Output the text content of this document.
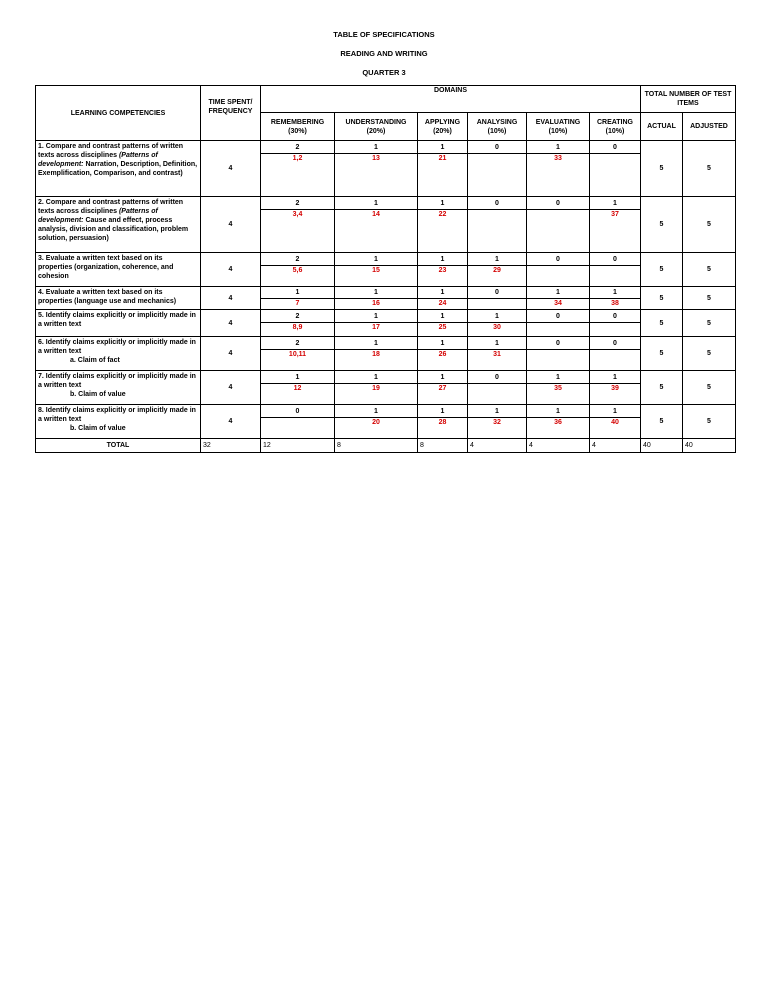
TABLE OF SPECIFICATIONS
READING AND WRITING
QUARTER 3
LEARNING COMPETENCIES	TIME SPENT/ FREQUENCY	DOMAINS						TOTAL NUMBER OF TEST ITEMS	
		REMEMBERING (30%)	UNDERSTANDING (20%)	APPLYING (20%)	ANALYSING (10%)	EVALUATING (10%)	CREATING (10%)	ACTUAL	ADJUSTED
1. Compare and contrast patterns of written texts across disciplines (Patterns of development: Narration, Description, Definition, Exemplification, Comparison, and contrast)	4	2	1	1	0	1	0	5	5
		1,2	13	21		33			
2. Compare and contrast patterns of written texts across disciplines (Patterns of development: Cause and effect, process analysis, division and classification, problem solution, persuasion)	4	2	1	1	0	0	1	5	5
		3,4	14	22			37		

3. Evaluate a written text based on its properties (organization, coherence, and cohesion	4	2	1	1	1	0	0	5	5
		5,6	15	23	29				

4. Evaluate a written text based on its properties (language use and mechanics)	4	1	1	1	0	1	1	5	5
		7	16	24		34	38		

5. Identify claims explicitly or implicitly made in a written text	4	2	1	1	1	0	0	5	5
		8,9	17	25	30				

6. Identify claims explicitly or implicitly made in a written text
a. Claim of fact	4	2	1	1	1	0	0	5	5
		10,11	18	26	31				

7. Identify claims explicitly or implicitly made in a written text
b. Claim of value	4	1	1	1	0	1	1	5	5
		12	19	27		35	39		

8. Identify claims explicitly or implicitly made in a written text
b. Claim of value	4	0	1	1	1	1	1	5	5
			20	28	32	36	40		
TOTAL	32	12	8	8	4	4	4	40	40
